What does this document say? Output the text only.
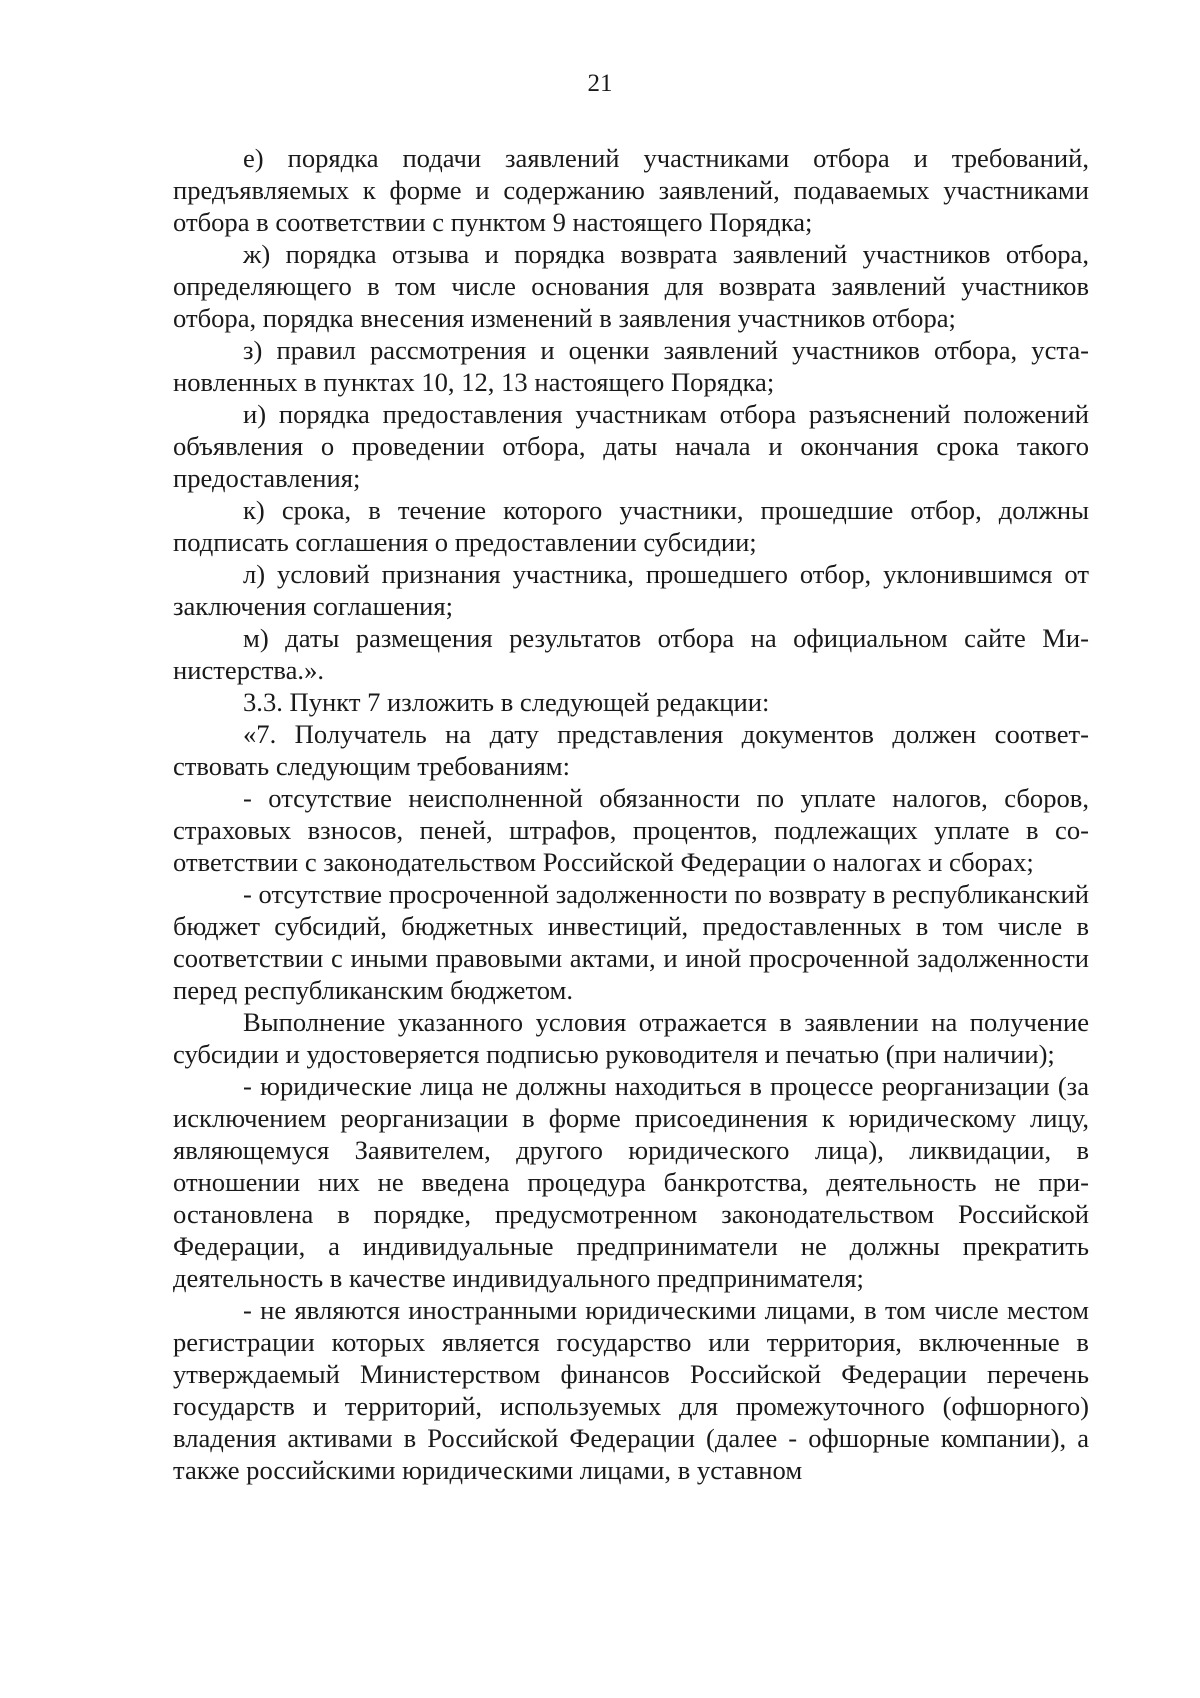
21

е) порядка подачи заявлений участниками отбора и требований, предъявляемых к форме и содержанию заявлений, подаваемых участниками отбора в соответствии с пунктом 9 настоящего Порядка;

ж) порядка отзыва и порядка возврата заявлений участников отбора, определяющего в том числе основания для возврата заявлений участников отбора, порядка внесения изменений в заявления участников отбора;

з) правил рассмотрения и оценки заявлений участников отбора, установленных в пунктах 10, 12, 13 настоящего Порядка;

и) порядка предоставления участникам отбора разъяснений положений объявления о проведении отбора, даты начала и окончания срока такого предоставления;

к) срока, в течение которого участники, прошедшие отбор, должны подписать соглашения о предоставлении субсидии;

л) условий признания участника, прошедшего отбор, уклонившимся от заключения соглашения;

м) даты размещения результатов отбора на официальном сайте Министерства.».

3.3. Пункт 7 изложить в следующей редакции:

«7. Получатель на дату представления документов должен соответствовать следующим требованиям:

- отсутствие неисполненной обязанности по уплате налогов, сборов, страховых взносов, пеней, штрафов, процентов, подлежащих уплате в соответствии с законодательством Российской Федерации о налогах и сборах;

- отсутствие просроченной задолженности по возврату в республиканский бюджет субсидий, бюджетных инвестиций, предоставленных в том числе в соответствии с иными правовыми актами, и иной просроченной задолженности перед республиканским бюджетом.

Выполнение указанного условия отражается в заявлении на получение субсидии и удостоверяется подписью руководителя и печатью (при наличии);

- юридические лица не должны находиться в процессе реорганизации (за исключением реорганизации в форме присоединения к юридическому лицу, являющемуся Заявителем, другого юридического лица), ликвидации, в отношении них не введена процедура банкротства, деятельность не приостановлена в порядке, предусмотренном законодательством Российской Федерации, а индивидуальные предприниматели не должны прекратить деятельность в качестве индивидуального предпринимателя;

- не являются иностранными юридическими лицами, в том числе местом регистрации которых является государство или территория, включенные в утверждаемый Министерством финансов Российской Федерации перечень государств и территорий, используемых для промежуточного (офшорного) владения активами в Российской Федерации (далее - офшорные компании), а также российскими юридическими лицами, в уставном
